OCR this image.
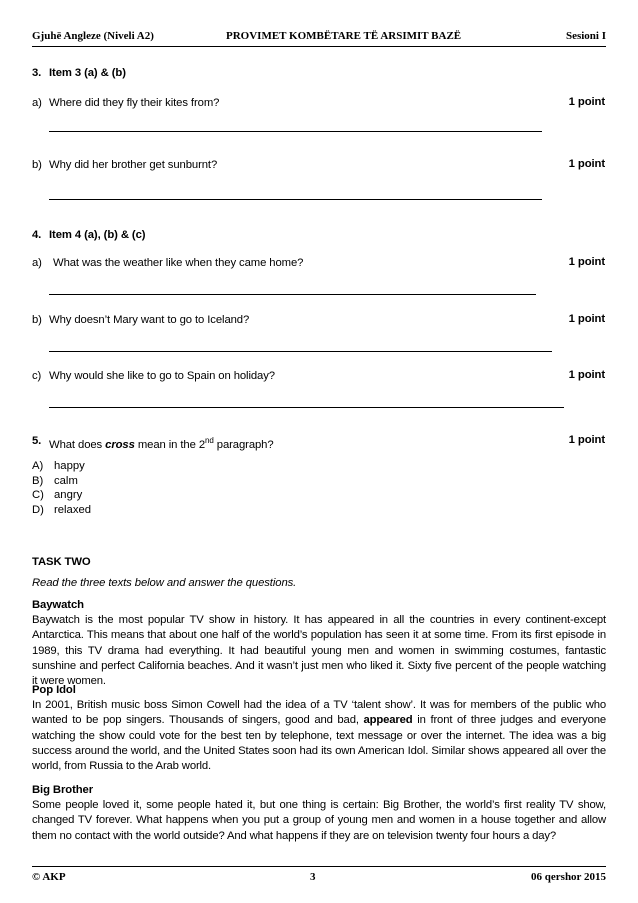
Gjuhë Angleze (Niveli A2)	PROVIMET KOMBËTARE TË ARSIMIT BAZË	Sesioni I
3. Item 3 (a) & (b)
a) Where did they fly their kites from?	1 point
b) Why did her brother get sunburnt?	1 point
4. Item 4 (a), (b) & (c)
a) What was the weather like when they came home?	1 point
b) Why doesn’t Mary want to go to Iceland?	1 point
c) Why would she like to go to Spain on holiday?	1 point
5. What does cross mean in the 2nd paragraph?	1 point
A) happy
B) calm
C) angry
D) relaxed
TASK TWO
Read the three texts below and answer the questions.
Baywatch
Baywatch is the most popular TV show in history. It has appeared in all the countries in every continent-except Antarctica. This means that about one half of the world’s population has seen it at some time. From its first episode in 1989, this TV drama had everything. It had beautiful young men and women in swimming costumes, fantastic sunshine and perfect California beaches. And it wasn’t just men who liked it. Sixty five percent of the people watching it were women.
Pop Idol
In 2001, British music boss Simon Cowell had the idea of a TV ‘talent show’. It was for members of the public who wanted to be pop singers. Thousands of singers, good and bad, appeared in front of three judges and everyone watching the show could vote for the best ten by telephone, text message or over the internet. The idea was a big success around the world, and the United States soon had its own American Idol. Similar shows appeared all over the world, from Russia to the Arab world.
Big Brother
Some people loved it, some people hated it, but one thing is certain: Big Brother, the world’s first reality TV show, changed TV forever. What happens when you put a group of young men and women in a house together and allow them no contact with the world outside? And what happens if they are on television twenty four hours a day?
© AKP	3	06 qershor 2015
